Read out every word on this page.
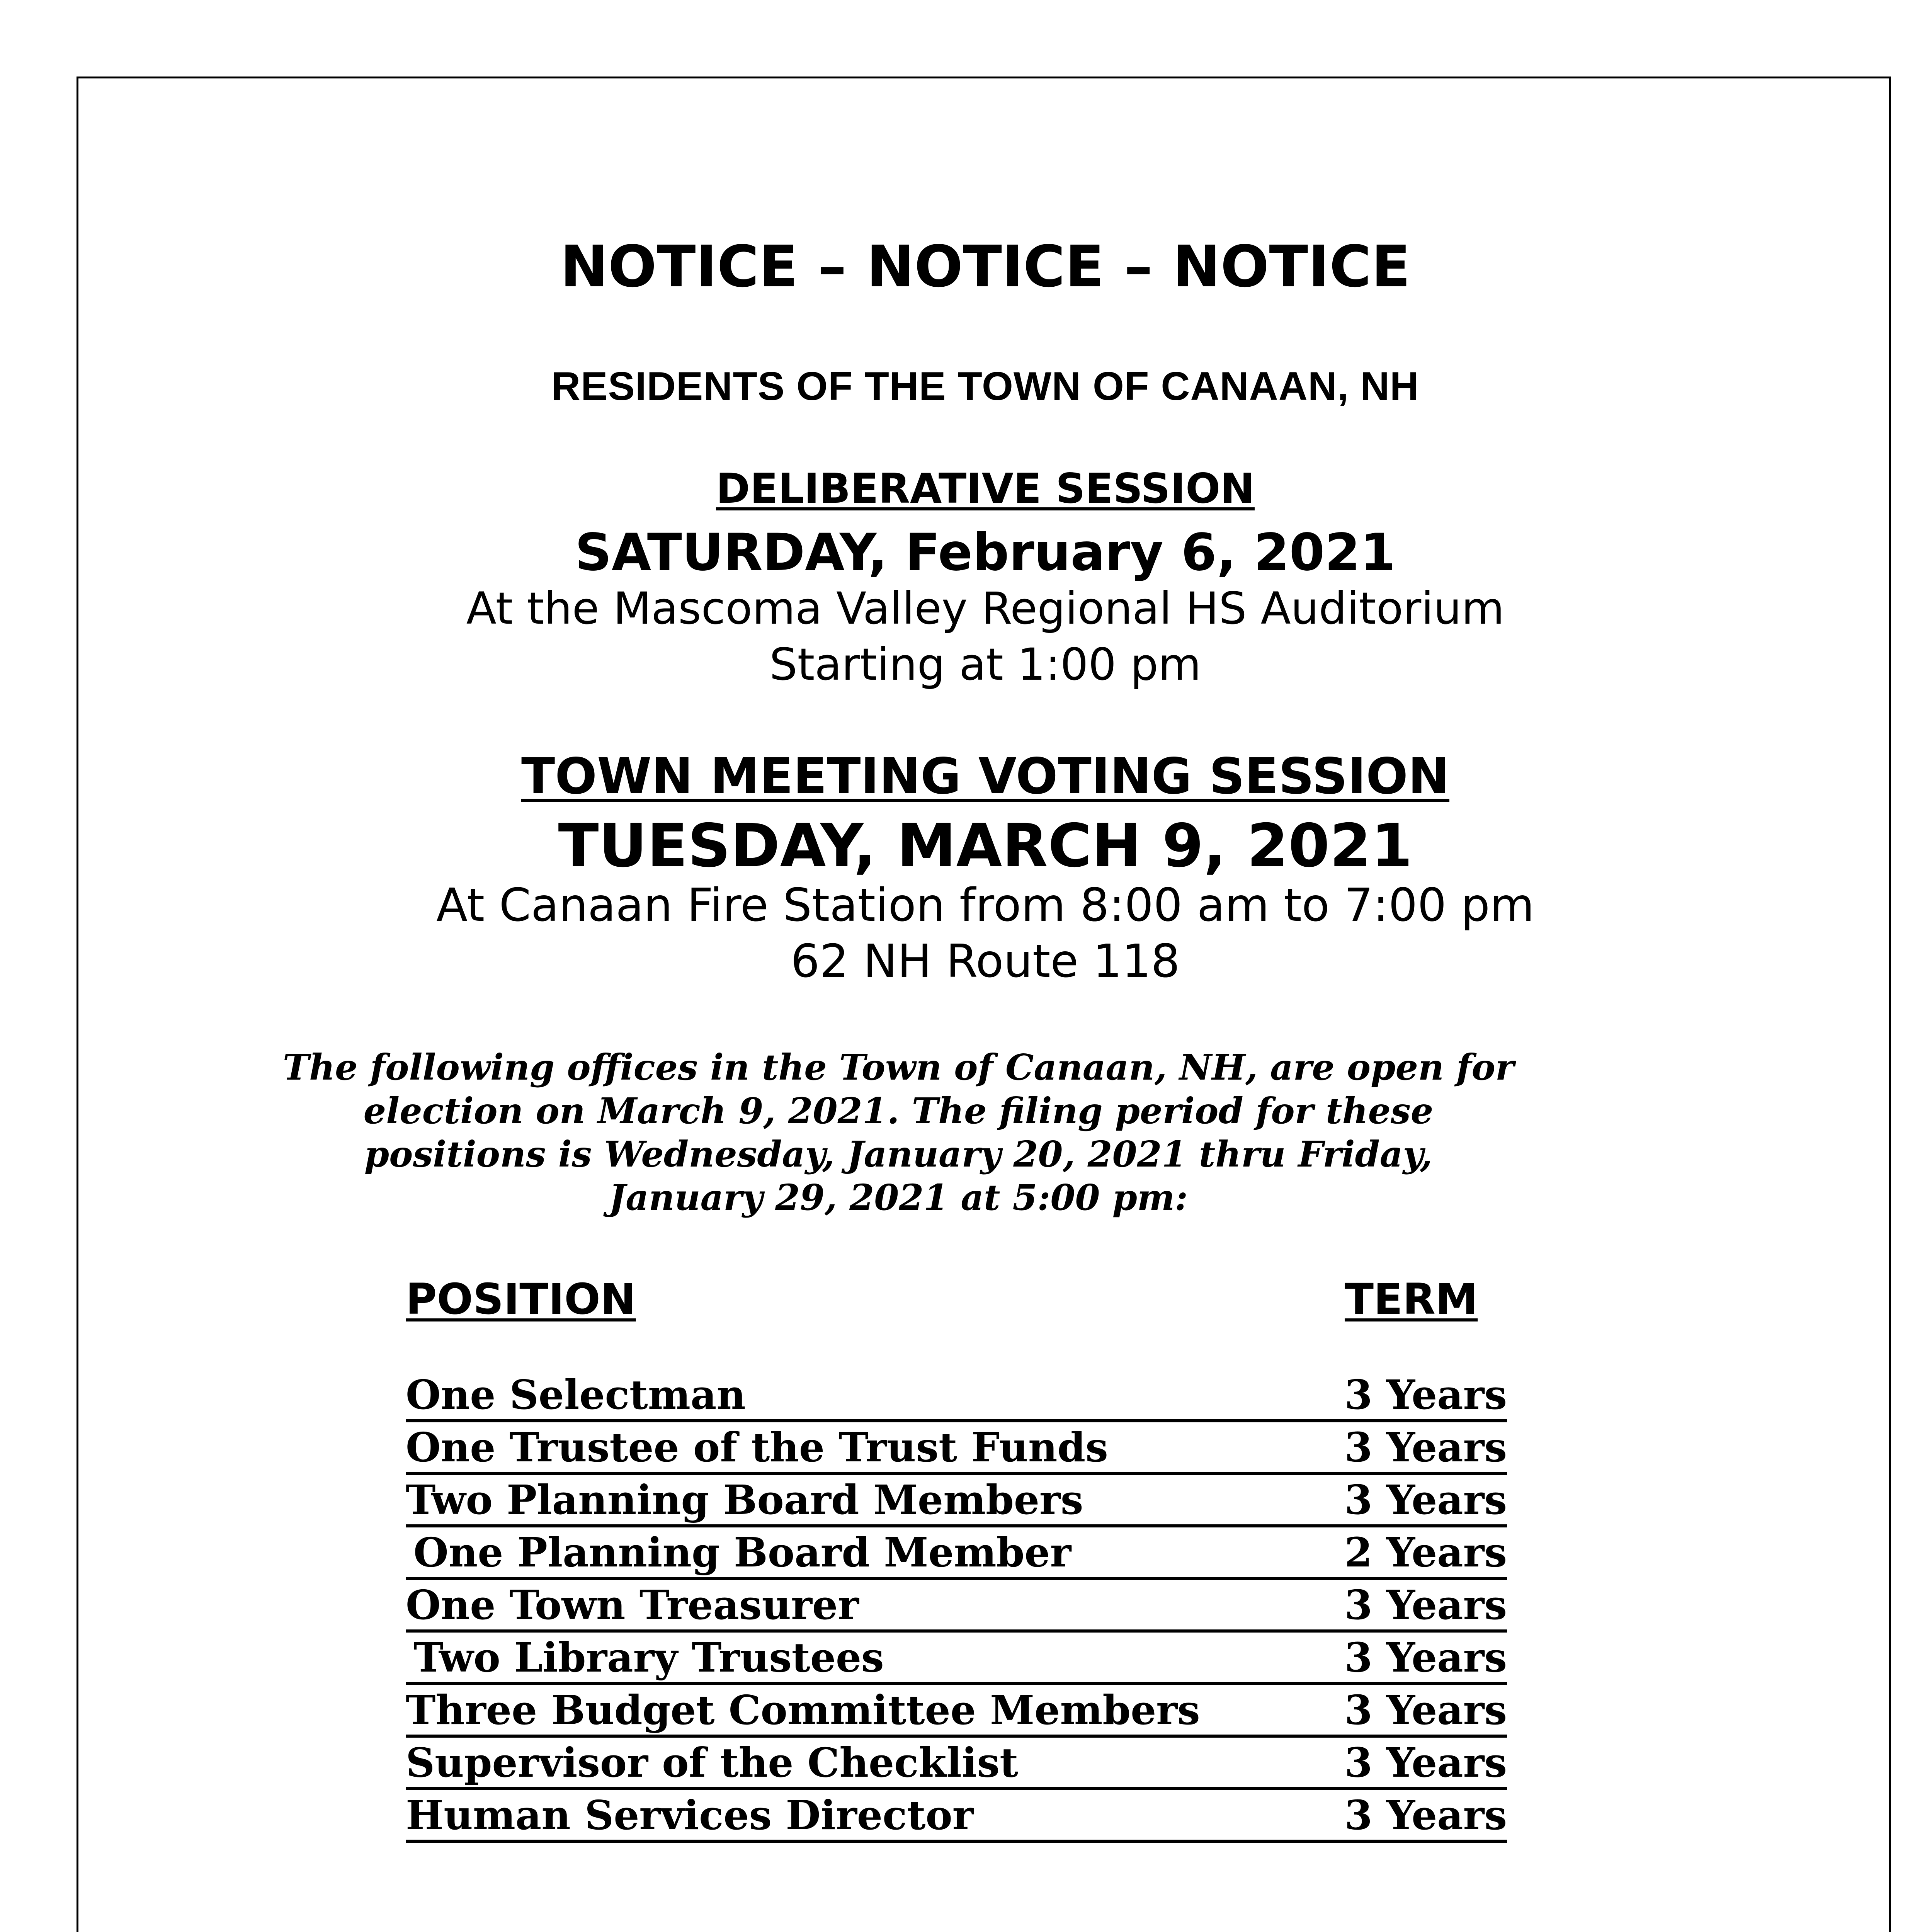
NOTICE – NOTICE – NOTICE
RESIDENTS OF THE TOWN OF CANAAN, NH
DELIBERATIVE SESSION
SATURDAY, February 6, 2021
At the Mascoma Valley Regional HS Auditorium
Starting at 1:00 pm
TOWN MEETING VOTING SESSION
TUESDAY, MARCH 9, 2021
At Canaan Fire Station from 8:00 am to 7:00 pm
62 NH Route 118
The following offices in the Town of Canaan, NH, are open for
election on March 9, 2021. The filing period for these
positions is Wednesday, January 20, 2021 thru Friday,
January 29, 2021 at 5:00 pm:
POSITION	TERM
One Selectman	3 Years
One Trustee of the Trust Funds	3 Years
Two Planning Board Members	3 Years
One Planning Board Member	2 Years
One Town Treasurer	3 Years
Two Library Trustees	3 Years
Three Budget Committee Members	3 Years
Supervisor of the Checklist	3 Years
Human Services Director	3 Years
